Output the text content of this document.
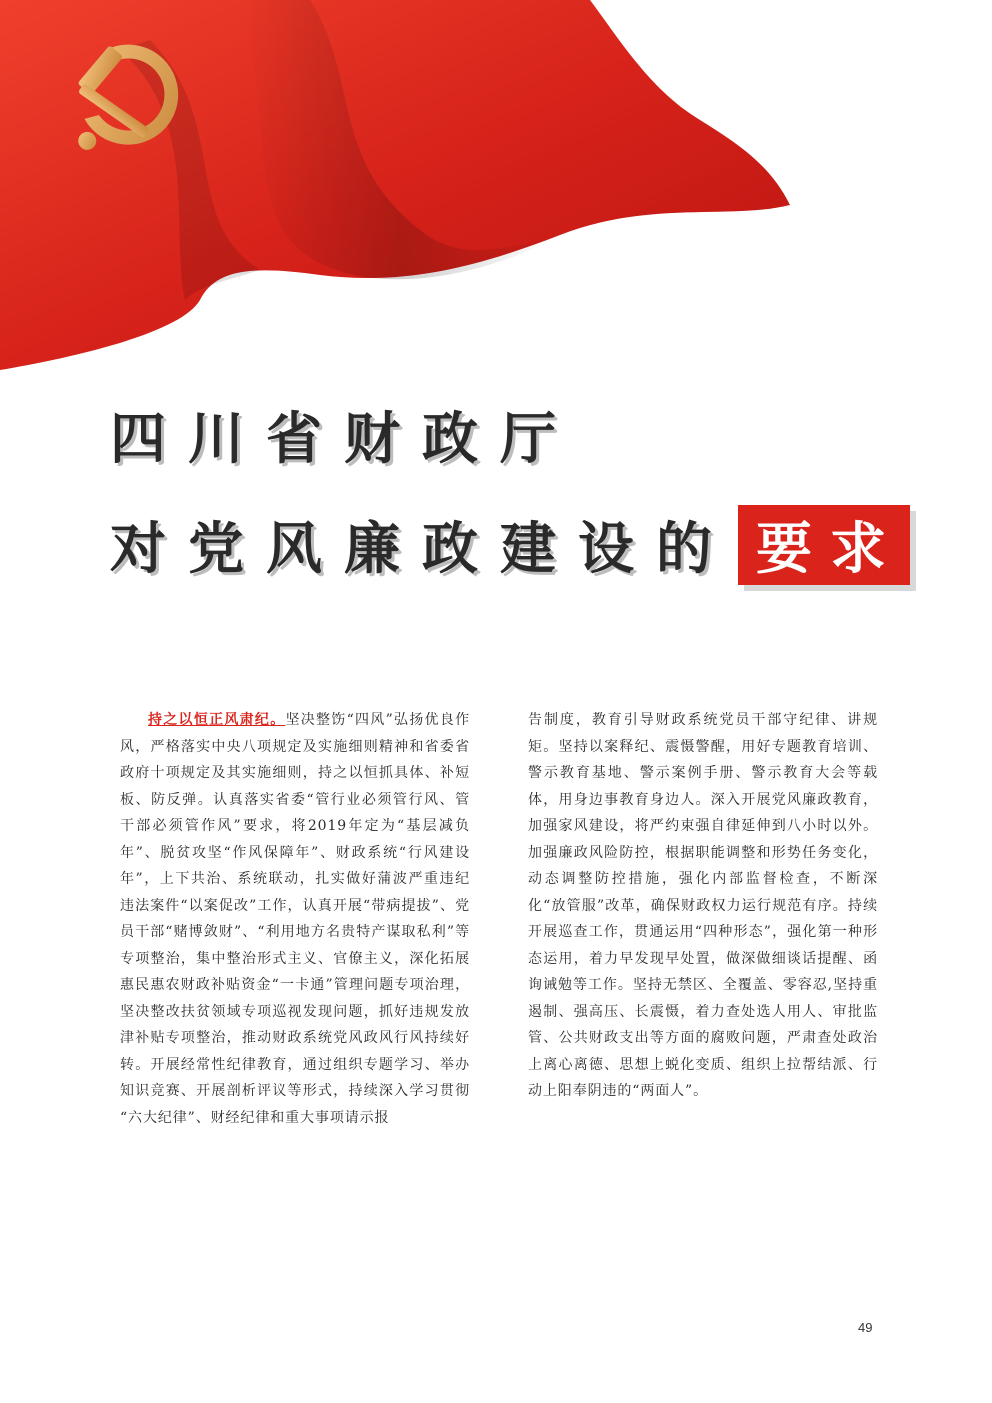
四川省财政厅
对党风廉政建设的 要求
持之以恒正风肃纪。坚决整饬“四风”弘扬优良作风，严格落实中央八项规定及实施细则精神和省委省政府十项规定及其实施细则，持之以恒抓具体、补短板、防反弹。认真落实省委“管行业必须管行风、管干部必须管作风”要求，将2019年定为“基层减负年”、脱贫攻坚“作风保障年”、财政系统“行风建设年”，上下共治、系统联动，扎实做好蒲波严重违纪违法案件“以案促改”工作，认真开展“带病提拔”、党员干部“赌博敛财”、“利用地方名贵特产谋取私利”等专项整治，集中整治形式主义、官僚主义，深化拓展惠民惠农财政补贴资金“一卡通”管理问题专项治理，坚决整改扶贫领域专项巡视发现问题，抓好违规发放津补贴专项整治，推动财政系统党风政风行风持续好转。开展经常性纪律教育，通过组织专题学习、举办知识竞赛、开展剖析评议等形式，持续深入学习贯彻 “六大纪律”、财经纪律和重大事项请示报
告制度，教育引导财政系统党员干部守纪律、讲规矩。坚持以案释纪、震慑警醒，用好专题教育培训、警示教育基地、警示案例手册、警示教育大会等载体，用身边事教育身边人。深入开展党风廉政教育，加强家风建设，将严约束强自律延伸到八小时以外。加强廉政风险防控，根据职能调整和形势任务变化，动态调整防控措施，强化内部监督检查，不断深化“放管服”改革，确保财政权力运行规范有序。持续开展巡查工作，贯通运用“四种形态”，强化第一种形态运用，着力早发现早处置，做深做细谈话提醒、函询诫勉等工作。坚持无禁区、全覆盖、零容忍,坚持重遏制、强高压、长震慑，着力查处选人用人、审批监管、公共财政支出等方面的腐败问题，严肃查处政治上离心离德、思想上蜕化变质、组织上拉帮结派、行动上阳奉阴违的“两面人”。
49
